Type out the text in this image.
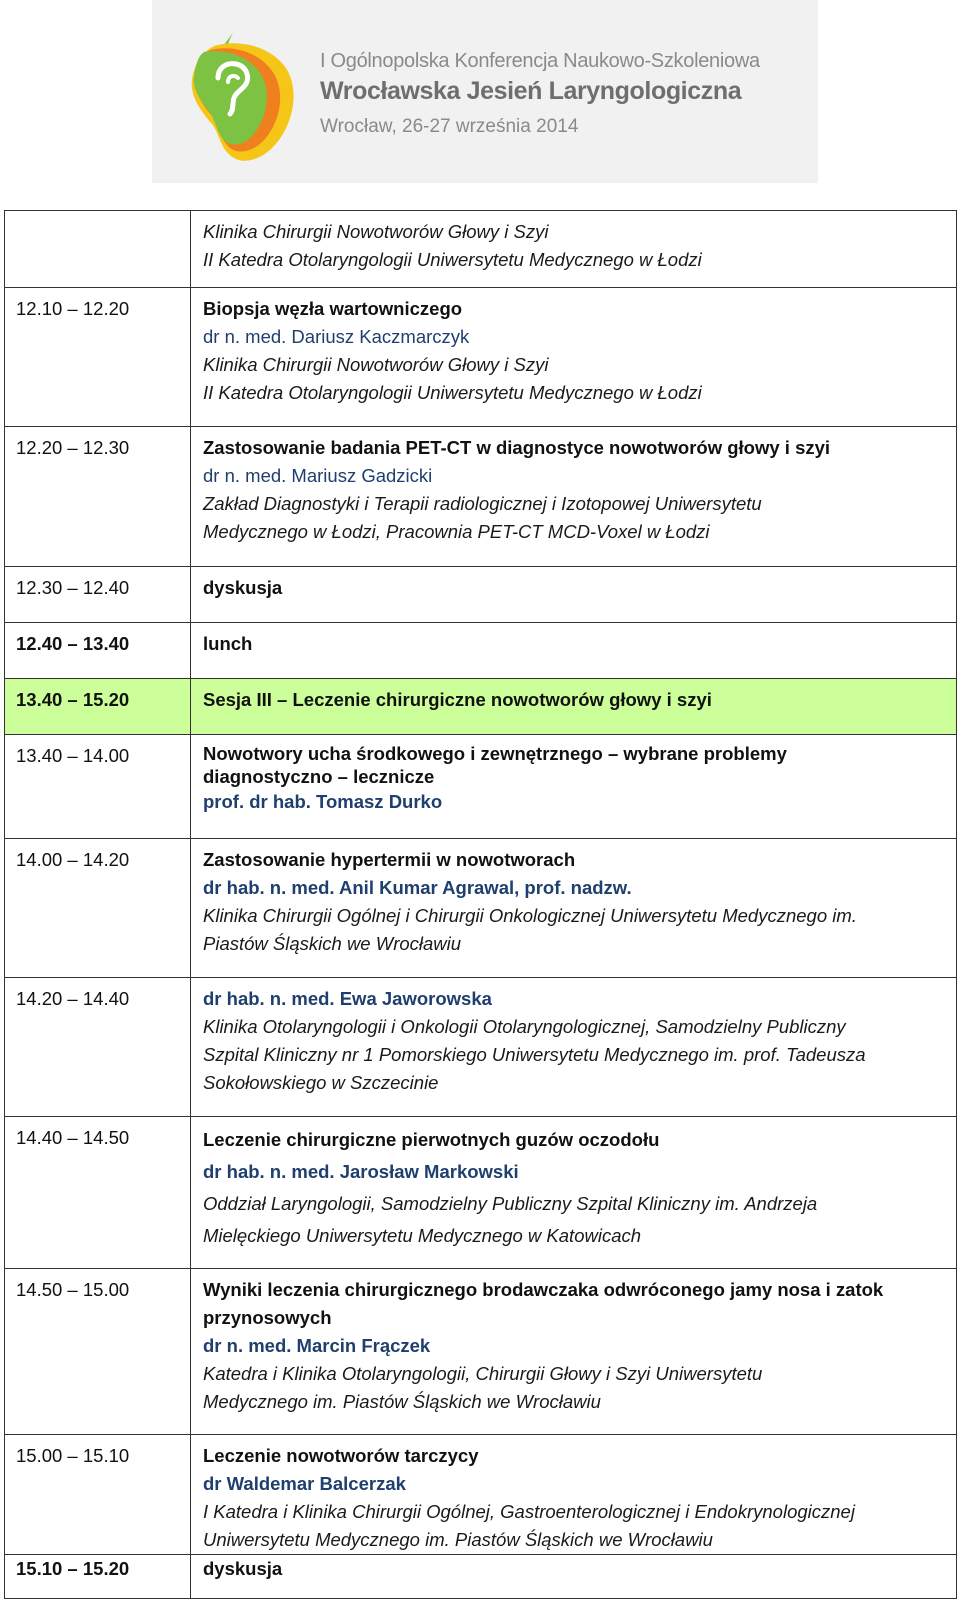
I Ogólnopolska Konferencja Naukowo-Szkoleniowa
Wrocławska Jesień Laryngologiczna
Wrocław, 26-27 września 2014

	Klinika Chirurgii Nowotworów Głowy i Szyi
II Katedra Otolaryngologii Uniwersytetu Medycznego w Łodzi

12.10 – 12.20	Biopsja węzła wartowniczego
dr n. med. Dariusz Kaczmarczyk
Klinika Chirurgii Nowotworów Głowy i Szyi
II Katedra Otolaryngologii Uniwersytetu Medycznego w Łodzi

12.20 – 12.30	Zastosowanie badania PET-CT w diagnostyce nowotworów głowy i szyi
dr n. med. Mariusz Gadzicki
Zakład Diagnostyki i Terapii radiologicznej i Izotopowej Uniwersytetu
Medycznego w Łodzi, Pracownia PET-CT MCD-Voxel w Łodzi

12.30 – 12.40	dyskusja

12.40 – 13.40	lunch

13.40 – 15.20	Sesja III – Leczenie chirurgiczne nowotworów głowy i szyi

13.40 – 14.00	Nowotwory ucha środkowego i zewnętrznego – wybrane problemy
diagnostyczno – lecznicze
prof. dr hab. Tomasz Durko

14.00 – 14.20	Zastosowanie hypertermii w nowotworach
dr hab. n. med. Anil Kumar Agrawal, prof. nadzw.
Klinika Chirurgii Ogólnej i Chirurgii Onkologicznej Uniwersytetu Medycznego im.
Piastów Śląskich we Wrocławiu

14.20 – 14.40	dr hab. n. med. Ewa Jaworowska
Klinika Otolaryngologii i Onkologii Otolaryngologicznej, Samodzielny Publiczny
Szpital Kliniczny nr 1 Pomorskiego Uniwersytetu Medycznego im. prof. Tadeusza
Sokołowskiego w Szczecinie

14.40 – 14.50	Leczenie chirurgiczne pierwotnych guzów oczodołu
dr hab. n. med. Jarosław Markowski
Oddział Laryngologii, Samodzielny Publiczny Szpital Kliniczny im. Andrzeja
Mielęckiego Uniwersytetu Medycznego w Katowicach

14.50 – 15.00	Wyniki leczenia chirurgicznego brodawczaka odwróconego jamy nosa i zatok
przynosowych
dr n. med. Marcin Frączek
Katedra i Klinika Otolaryngologii, Chirurgii Głowy i Szyi Uniwersytetu
Medycznego im. Piastów Śląskich we Wrocławiu

15.00 – 15.10	Leczenie nowotworów tarczycy
dr Waldemar Balcerzak
I Katedra i Klinika Chirurgii Ogólnej, Gastroenterologicznej i Endokrynologicznej
Uniwersytetu Medycznego im. Piastów Śląskich we Wrocławiu

15.10 – 15.20	dyskusja
